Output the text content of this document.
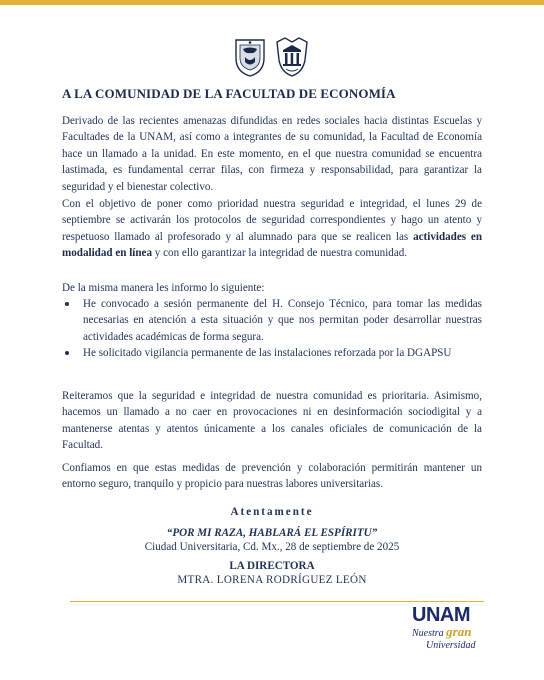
A LA COMUNIDAD DE LA FACULTAD DE ECONOMÍA

Derivado de las recientes amenazas difundidas en redes sociales hacia distintas Escuelas y Facultades de la UNAM, así como a integrantes de su comunidad, la Facultad de Economía hace un llamado a la unidad. En este momento, en el que nuestra comunidad se encuentra lastimada, es fundamental cerrar filas, con firmeza y responsabilidad, para garantizar la seguridad y el bienestar colectivo.

Con el objetivo de poner como prioridad nuestra seguridad e integridad, el lunes 29 de septiembre se activarán los protocolos de seguridad correspondientes y hago un atento y respetuoso llamado al profesorado y al alumnado para que se realicen las actividades en modalidad en línea y con ello garantizar la integridad de nuestra comunidad.

De la misma manera les informo lo siguiente:

He convocado a sesión permanente del H. Consejo Técnico, para tomar las medidas necesarias en atención a esta situación y que nos permitan poder desarrollar nuestras actividades académicas de forma segura.
He solicitado vigilancia permanente de las instalaciones reforzada por la DGAPSU

Reiteramos que la seguridad e integridad de nuestra comunidad es prioritaria. Asimismo, hacemos un llamado a no caer en provocaciones ni en desinformación sociodigital y a mantenerse atentas y atentos únicamente a los canales oficiales de comunicación de la Facultad.

Confiamos en que estas medidas de prevención y colaboración permitirán mantener un entorno seguro, tranquilo y propicio para nuestras labores universitarias.

Atentamente
“POR MI RAZA, HABLARÁ EL ESPÍRITU”
Ciudad Universitaria, Cd. Mx., 28 de septiembre de 2025
LA DIRECTORA
MTRA. LORENA RODRÍGUEZ LEÓN
UNAM
Nuestra gran
Universidad
